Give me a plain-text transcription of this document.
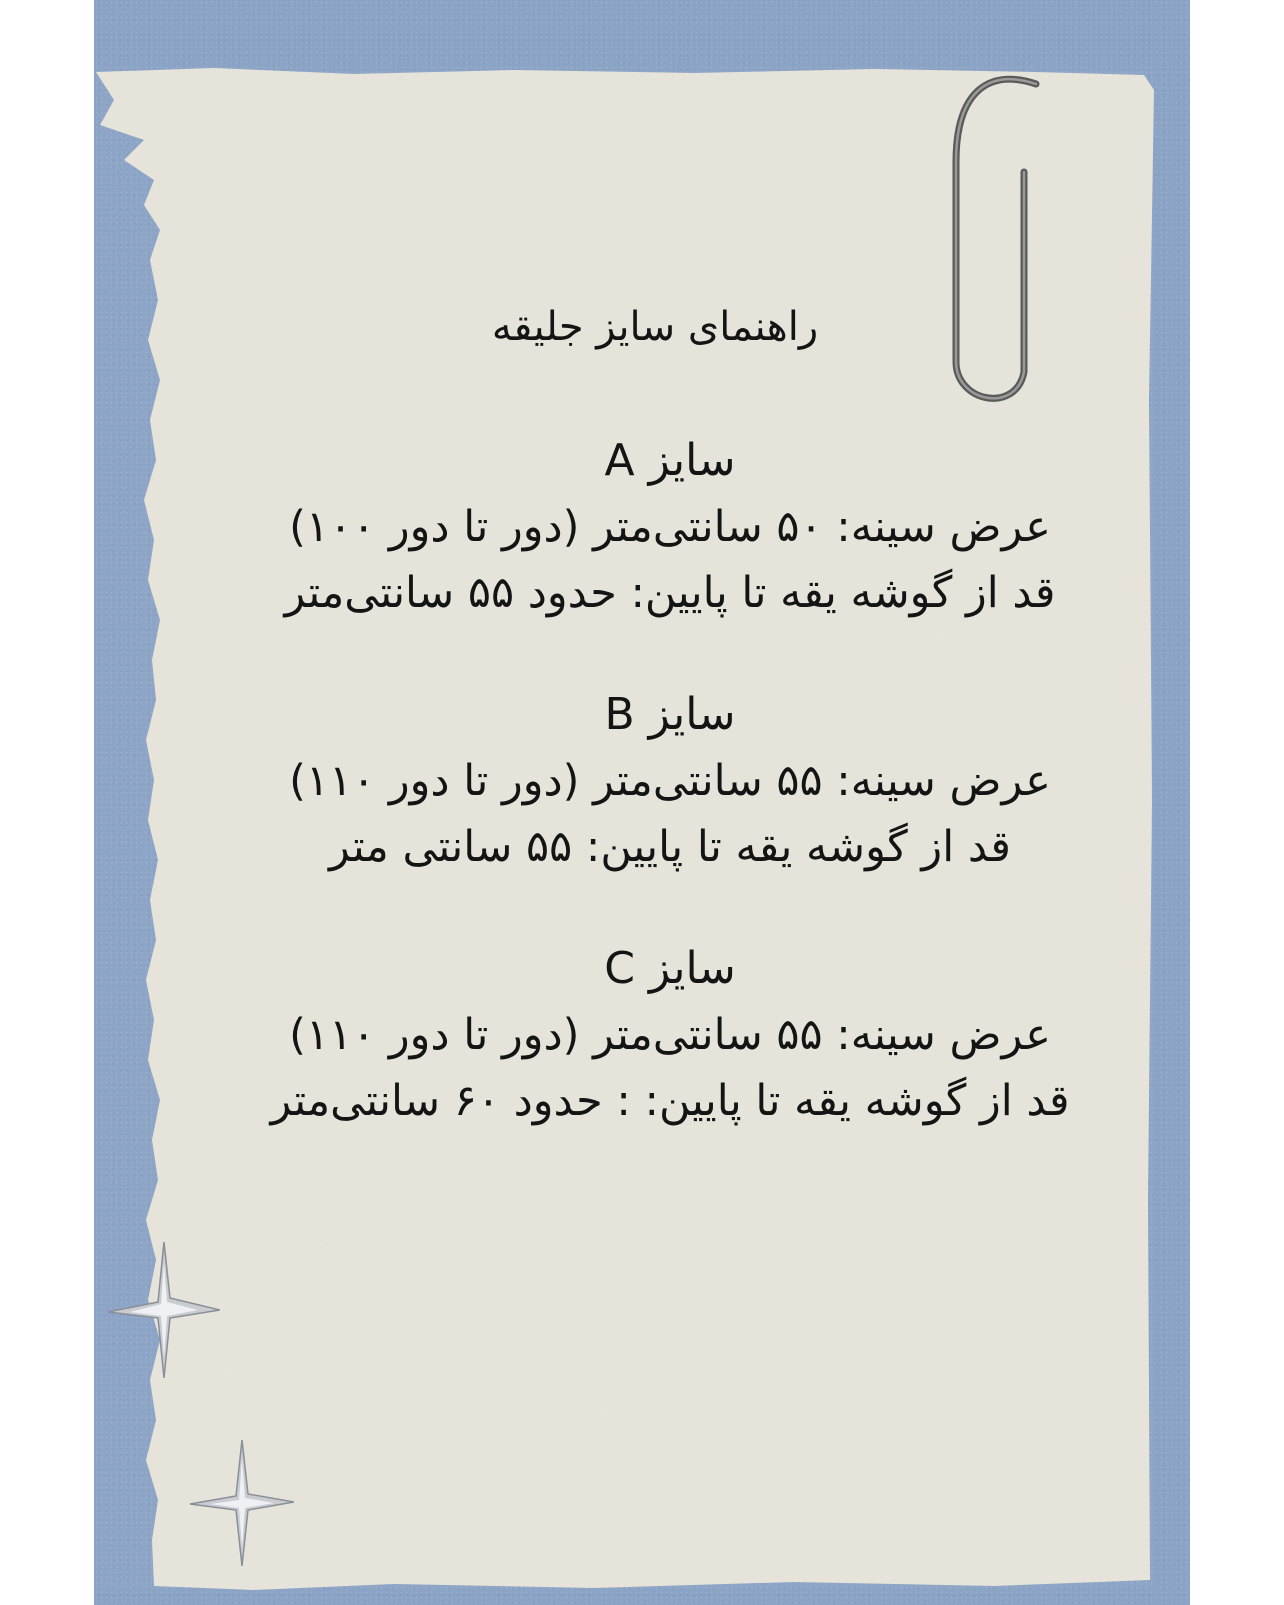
راهنمای سایز جلیقه
سایز A
عرض سینه: ۵۰ سانتی‌متر (دور تا دور ۱۰۰)
قد از گوشه یقه تا پایین: حدود ۵۵ سانتی‌متر
سایز B
عرض سینه: ۵۵ سانتی‌متر (دور تا دور ۱۱۰)
قد از گوشه یقه تا پایین: ۵۵ سانتی متر
سایز C
عرض سینه: ۵۵ سانتی‌متر (دور تا دور ۱۱۰)
قد از گوشه یقه تا پایین: : حدود ۶۰ سانتی‌متر
